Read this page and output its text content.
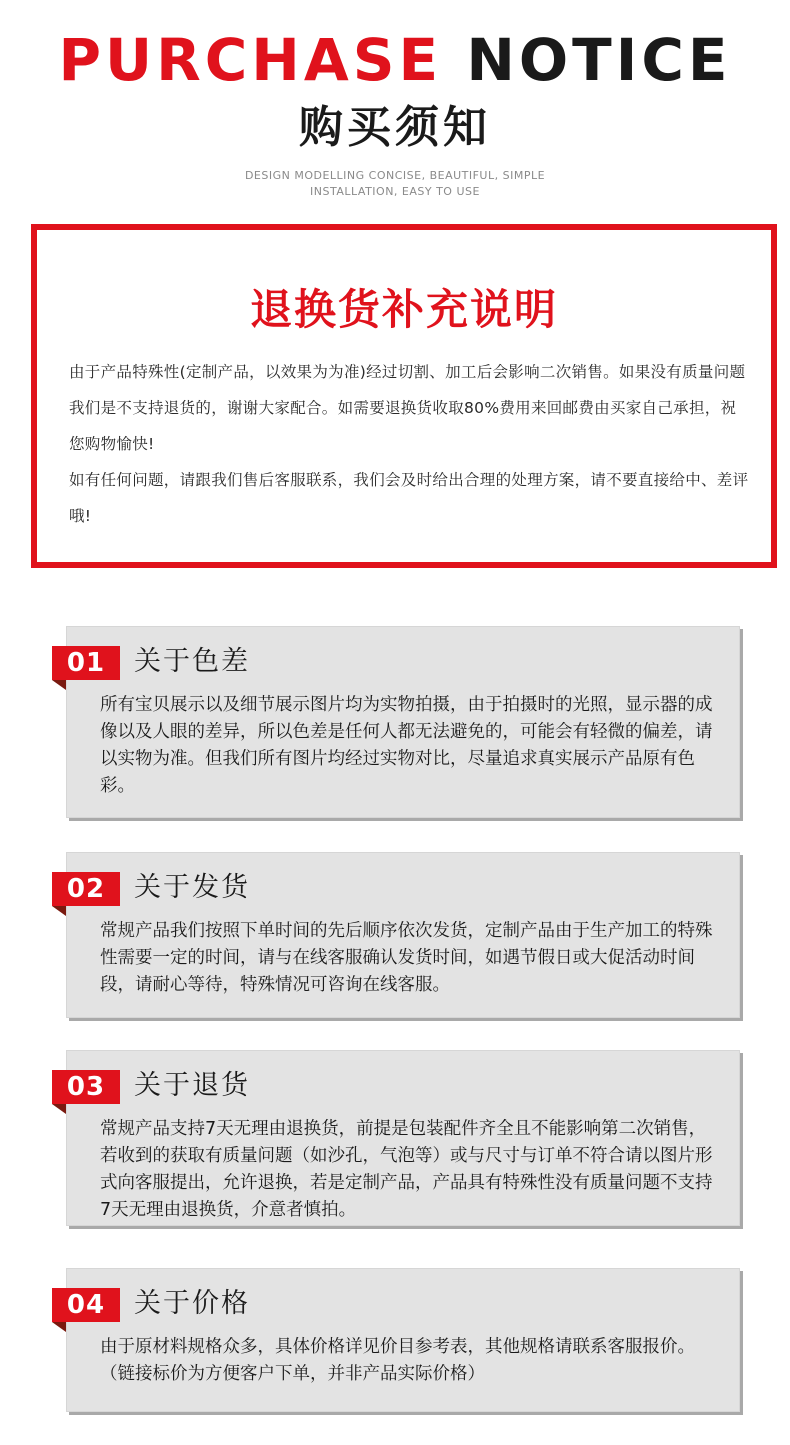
PURCHASE NOTICE
购买须知
DESIGN MODELLING CONCISE, BEAUTIFUL, SIMPLE
INSTALLATION, EASY TO USE
退换货补充说明

由于产品特殊性(定制产品，以效果为为准)经过切割、加工后会影响二次销售。如果没有质量问题我们是不支持退货的，谢谢大家配合。如需要退换货收取80%费用来回邮费由买家自己承担，祝您购物愉快!

如有任何问题，请跟我们售后客服联系，我们会及时给出合理的处理方案，请不要直接给中、差评哦!

01	关于色差
所有宝贝展示以及细节展示图片均为实物拍摄，由于拍摄时的光照，显示器的成像以及人眼的差异，所以色差是任何人都无法避免的，可能会有轻微的偏差，请以实物为准。但我们所有图片均经过实物对比，尽量追求真实展示产品原有色彩。
02	关于发货
常规产品我们按照下单时间的先后顺序依次发货，定制产品由于生产加工的特殊性需要一定的时间，请与在线客服确认发货时间，如遇节假日或大促活动时间段，请耐心等待，特殊情况可咨询在线客服。
03	关于退货
常规产品支持7天无理由退换货，前提是包装配件齐全且不能影响第二次销售，若收到的获取有质量问题（如沙孔，气泡等）或与尺寸与订单不符合请以图片形式向客服提出，允许退换，若是定制产品，产品具有特殊性没有质量问题不支持7天无理由退换货，介意者慎拍。
04	关于价格
由于原材料规格众多，具体价格详见价目参考表，其他规格请联系客服报价。（链接标价为方便客户下单，并非产品实际价格）
